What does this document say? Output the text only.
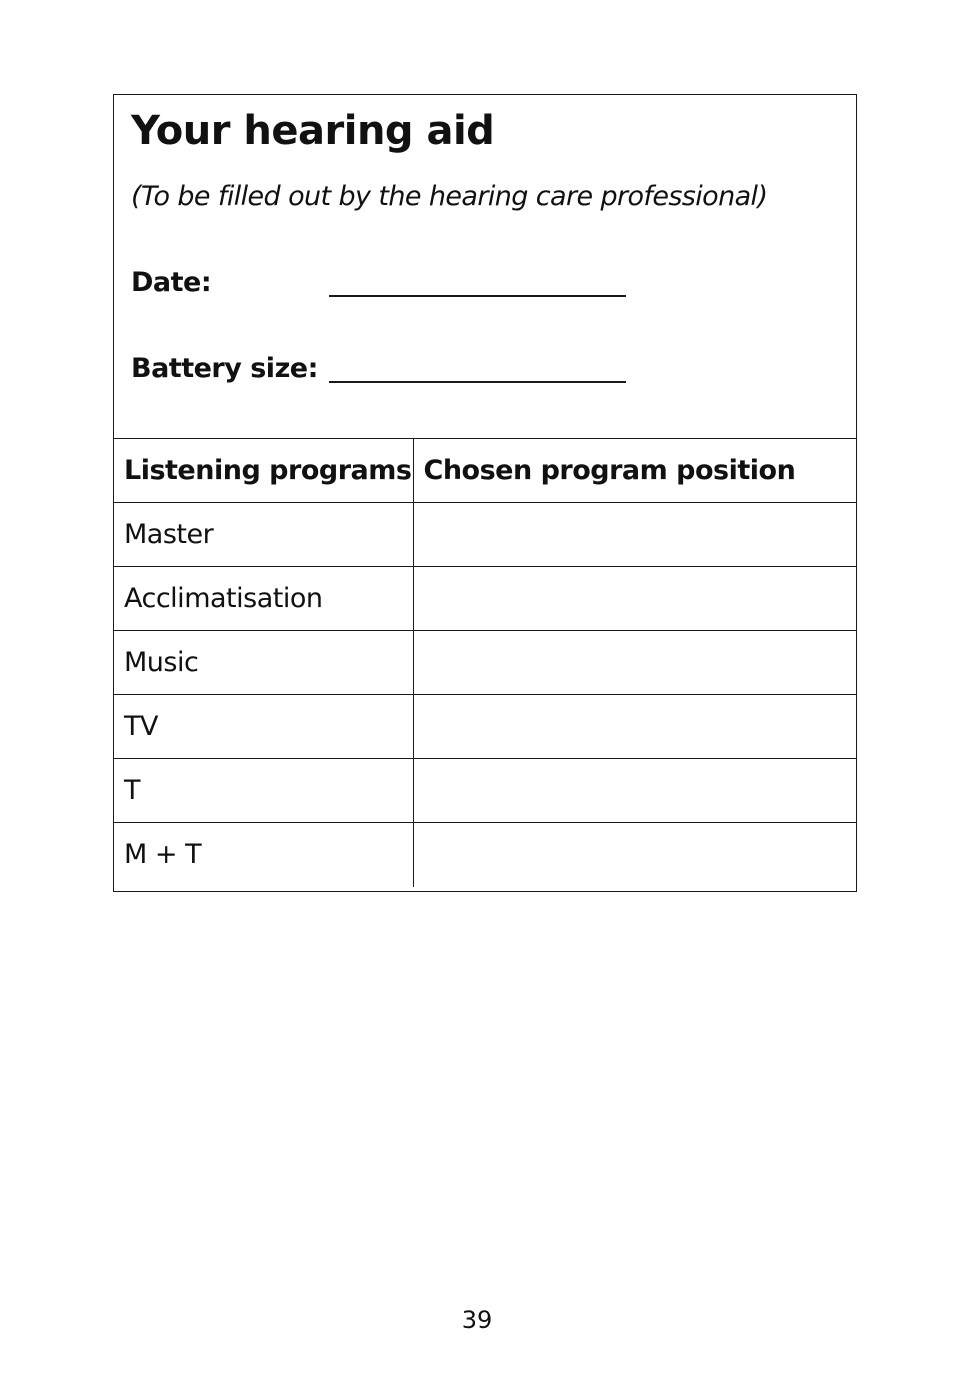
Your hearing aid

(To be filled out by the hearing care professional)

Date:
Battery size:
Listening programs	Chosen program position
Master	
Acclimatisation	
Music	
TV	
T	
M + T	
39
